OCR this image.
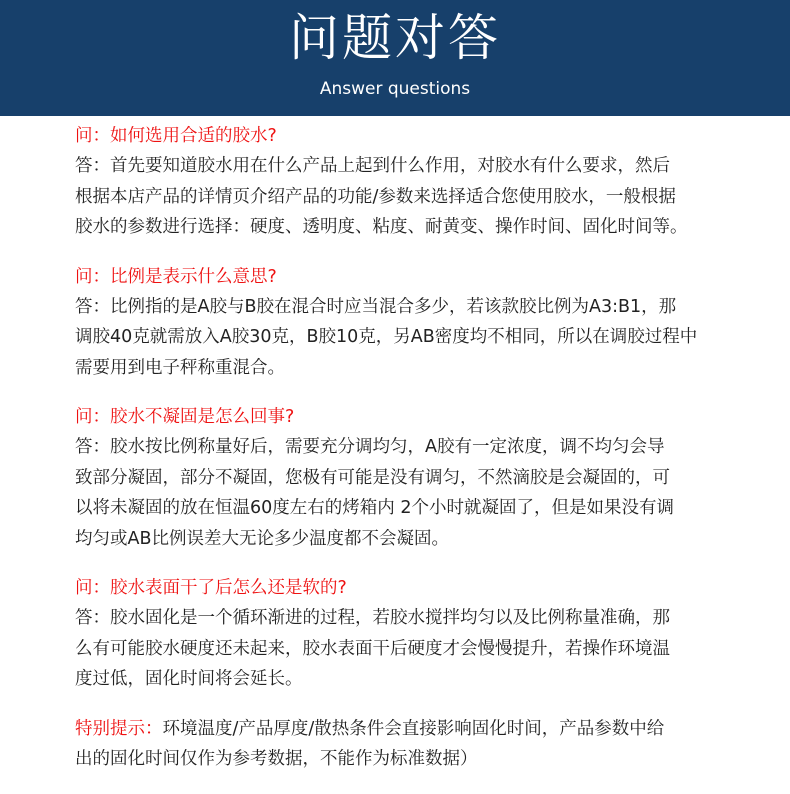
问题对答
Answer questions
问：如何选用合适的胶水?
答：首先要知道胶水用在什么产品上起到什么作用，对胶水有什么要求，然后
根据本店产品的详情页介绍产品的功能/参数来选择适合您使用胶水，一般根据
胶水的参数进行选择：硬度、透明度、粘度、耐黄变、操作时间、固化时间等。
问：比例是表示什么意思?
答：比例指的是A胶与B胶在混合时应当混合多少，若该款胶比例为A3:B1，那
调胶40克就需放入A胶30克，B胶10克，另AB密度均不相同，所以在调胶过程中
需要用到电子秤称重混合。
问：胶水不凝固是怎么回事?
答：胶水按比例称量好后，需要充分调均匀，A胶有一定浓度，调不均匀会导
致部分凝固，部分不凝固，您极有可能是没有调匀，不然滴胶是会凝固的，可
以将未凝固的放在恒温60度左右的烤箱内 2个小时就凝固了，但是如果没有调
均匀或AB比例误差大无论多少温度都不会凝固。
问：胶水表面干了后怎么还是软的?
答：胶水固化是一个循环渐进的过程，若胶水搅拌均匀以及比例称量准确，那
么有可能胶水硬度还未起来，胶水表面干后硬度才会慢慢提升，若操作环境温
度过低，固化时间将会延长。
特别提示：环境温度/产品厚度/散热条件会直接影响固化时间，产品参数中给
出的固化时间仅作为参考数据，不能作为标准数据）
